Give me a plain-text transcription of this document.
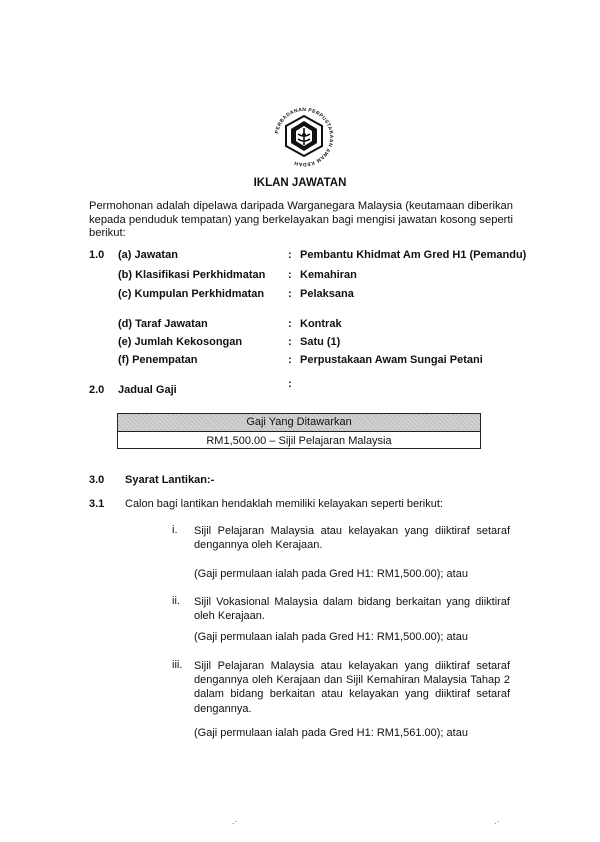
PERBADANAN PERPUSTAKAAN AWAM KEDAH
IKLAN JAWATAN
Permohonan adalah dipelawa daripada Warganegara Malaysia (keutamaan diberikan kepada penduduk tempatan) yang berkelayakan bagi mengisi jawatan kosong seperti berikut:
1.0 (a) Jawatan	: Pembantu Khidmat Am Gred H1 (Pemandu)
(b) Klasifikasi Perkhidmatan : Kemahiran
(c) Kumpulan Perkhidmatan : Pelaksana
(d) Taraf Jawatan	: Kontrak
(e) Jumlah Kekosongan	: Satu (1)
(f) Penempatan	: Perpustakaan Awam Sungai Petani
2.0 Jadual Gaji	:
Gaji Yang Ditawarkan
RM1,500.00 – Sijil Pelajaran Malaysia
3.0 Syarat Lantikan:-
3.1 Calon bagi lantikan hendaklah memiliki kelayakan seperti berikut:
i. Sijil Pelajaran Malaysia atau kelayakan yang diiktiraf setaraf dengannya oleh Kerajaan.
(Gaji permulaan ialah pada Gred H1: RM1,500.00); atau
ii. Sijil Vokasional Malaysia dalam bidang berkaitan yang diiktiraf oleh Kerajaan.
(Gaji permulaan ialah pada Gred H1: RM1,500.00); atau
iii. Sijil Pelajaran Malaysia atau kelayakan yang diiktiraf setaraf dengannya oleh Kerajaan dan Sijil Kemahiran Malaysia Tahap 2 dalam bidang berkaitan atau kelayakan yang diiktiraf setaraf dengannya.
(Gaji permulaan ialah pada Gred H1: RM1,561.00); atau
.·	.·
